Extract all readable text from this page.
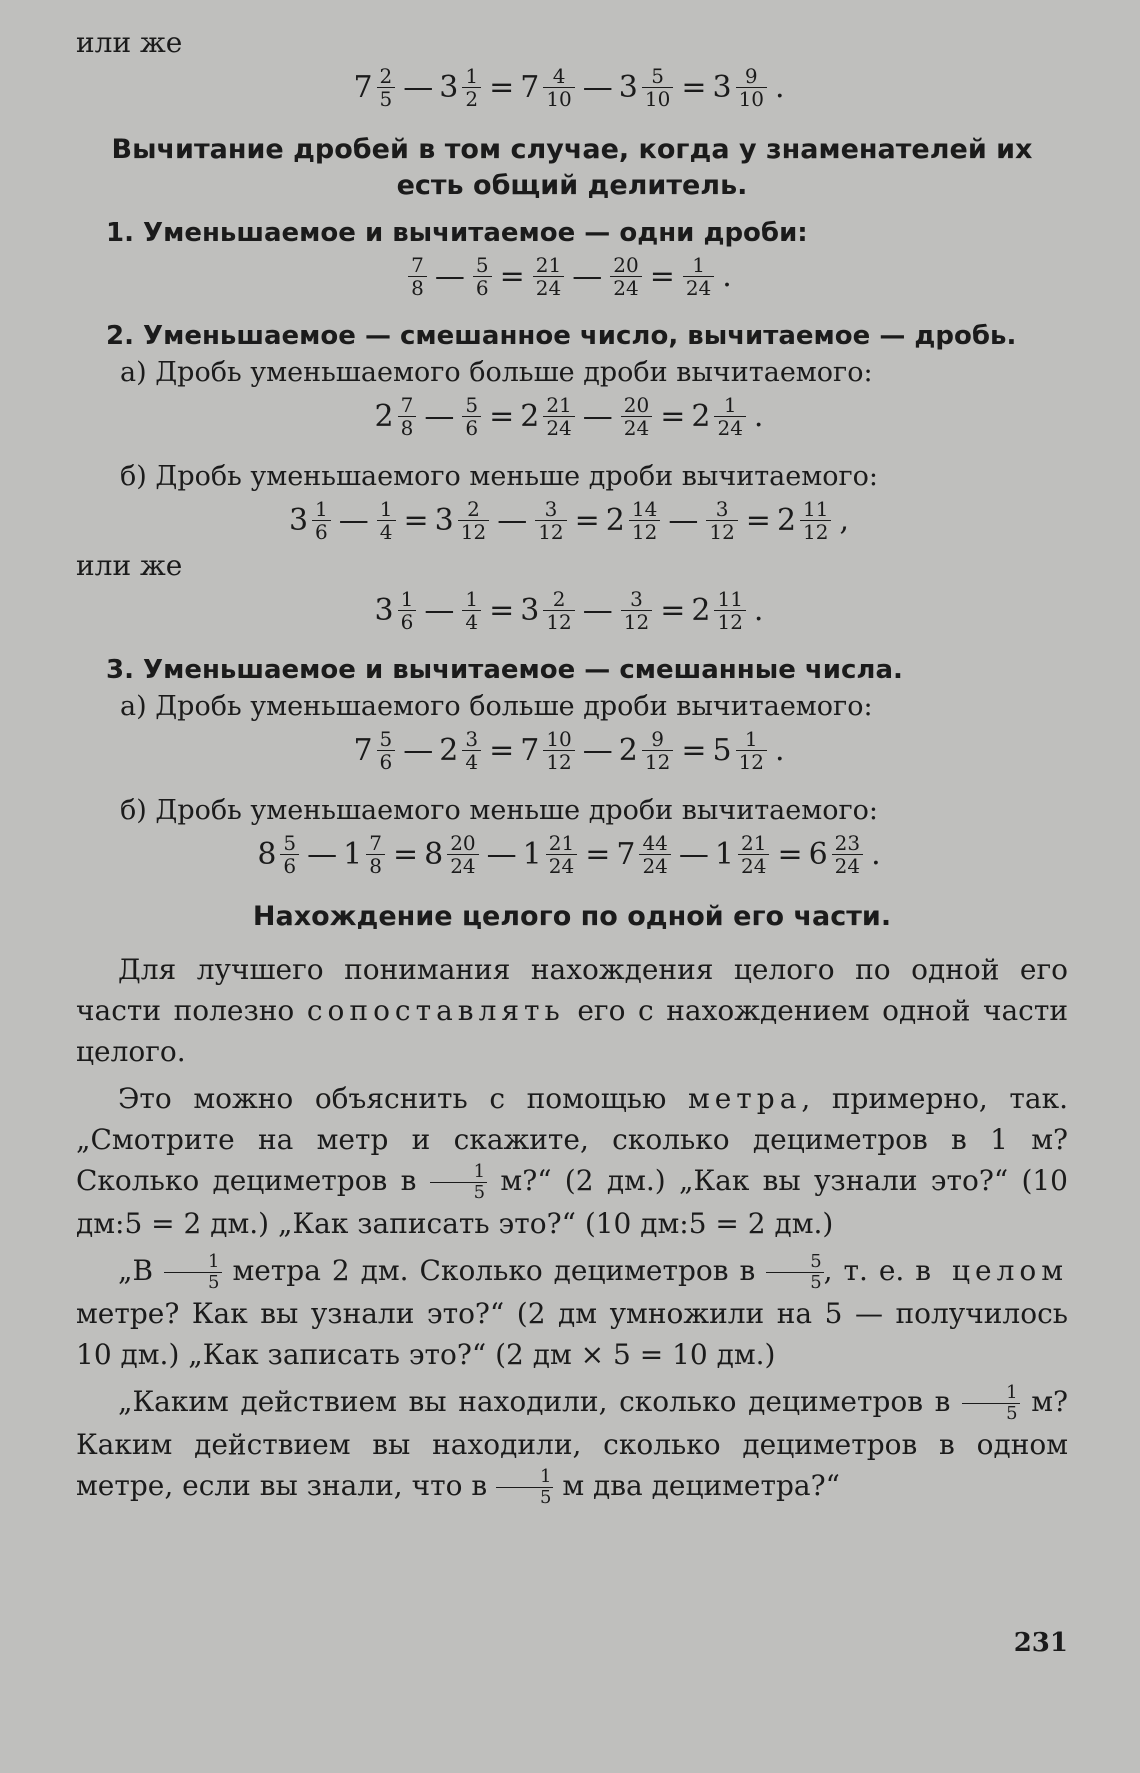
или же

$7 \frac{2}{5}$ — $3 \frac{1}{2} = 7 \frac{4}{10}$ — $3 \frac{5}{10} = 3 \frac{9}{10}$ .
Вычитание дробей в том случае, когда у знаменателей их
есть общий делитель.
1. Уменьшаемое и вычитаемое — одни дроби:
$\frac{7}{8}$ — $\frac{5}{6} = \frac{21}{24}$ — $\frac{20}{24} = \frac{1}{24}$ .
2. Уменьшаемое — смешанное число, вычитаемое — дробь.
а) Дробь уменьшаемого больше дроби вычитаемого:
$2 \frac{7}{8}$ — $\frac{5}{6} = 2 \frac{21}{24}$ — $\frac{20}{24} = 2 \frac{1}{24}$ .
б) Дробь уменьшаемого меньше дроби вычитаемого:
$3 \frac{1}{6}$ — $\frac{1}{4} = 3 \frac{2}{12}$ — $\frac{3}{12} = 2 \frac{14}{12}$ — $\frac{3}{12} = 2 \frac{11}{12}$ ,

или же

$3 \frac{1}{6}$ — $\frac{1}{4} = 3 \frac{2}{12}$ — $\frac{3}{12} = 2 \frac{11}{12}$ .
3. Уменьшаемое и вычитаемое — смешанные числа.
а) Дробь уменьшаемого больше дроби вычитаемого:
$7 \frac{5}{6}$ — $2 \frac{3}{4} = 7 \frac{10}{12}$ — $2 \frac{9}{12} = 5 \frac{1}{12}$ .
б) Дробь уменьшаемого меньше дроби вычитаемого:
$8 \frac{5}{6}$ — $1 \frac{7}{8} = 8 \frac{20}{24}$ — $1 \frac{21}{24} = 7 \frac{44}{24}$ — $1 \frac{21}{24} = 6 \frac{23}{24}$ .
Нахождение целого по одной его части.

Для лучшего понимания нахождения целого по одной его части полезно сопоставлять его с нахождением одной части целого.

Это можно объяснить с помощью метра, примерно, так. „Смотрите на метр и скажите, сколько дециметров в 1 м? Сколько дециметров в $\frac{1}{5}$ м?“ (2 дм.) „Как вы узнали это?“ (10 дм:5 = 2 дм.) „Как записать это?“ (10 дм:5 = 2 дм.)

„В $\frac{1}{5}$ метра 2 дм. Сколько дециметров в $\frac{5}{5}$ , т. е. в целом метре? Как вы узнали это?“ (2 дм умножили на 5 — получилось 10 дм.) „Как записать это?“ (2 дм × 5 = 10 дм.)

„Каким действием вы находили, сколько дециметров в $\frac{1}{5} м$? Каким действием вы находили, сколько дециметров в одном метре, если вы знали, что в $\frac{1}{5}$ м два дециметра?“

231
